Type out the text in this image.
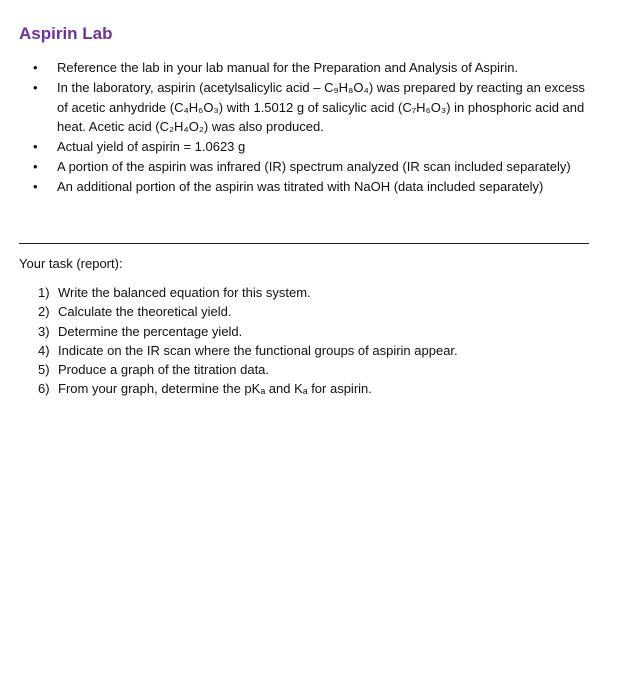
Aspirin Lab
•	Reference the lab in your lab manual for the Preparation and Analysis of Aspirin.
•	In the laboratory, aspirin (acetylsalicylic acid – C₉H₈O₄) was prepared by reacting an excess of acetic anhydride (C₄H₆O₃) with 1.5012 g of salicylic acid (C₇H₆O₃) in phosphoric acid and heat. Acetic acid (C₂H₄O₂) was also produced.
•	Actual yield of aspirin = 1.0623 g
•	A portion of the aspirin was infrared (IR) spectrum analyzed (IR scan included separately)
•	An additional portion of the aspirin was titrated with NaOH (data included separately)

Your task (report):

1) Write the balanced equation for this system.
2) Calculate the theoretical yield.
3) Determine the percentage yield.
4) Indicate on the IR scan where the functional groups of aspirin appear.
5) Produce a graph of the titration data.
6) From your graph, determine the pKₐ and Kₐ for aspirin.
